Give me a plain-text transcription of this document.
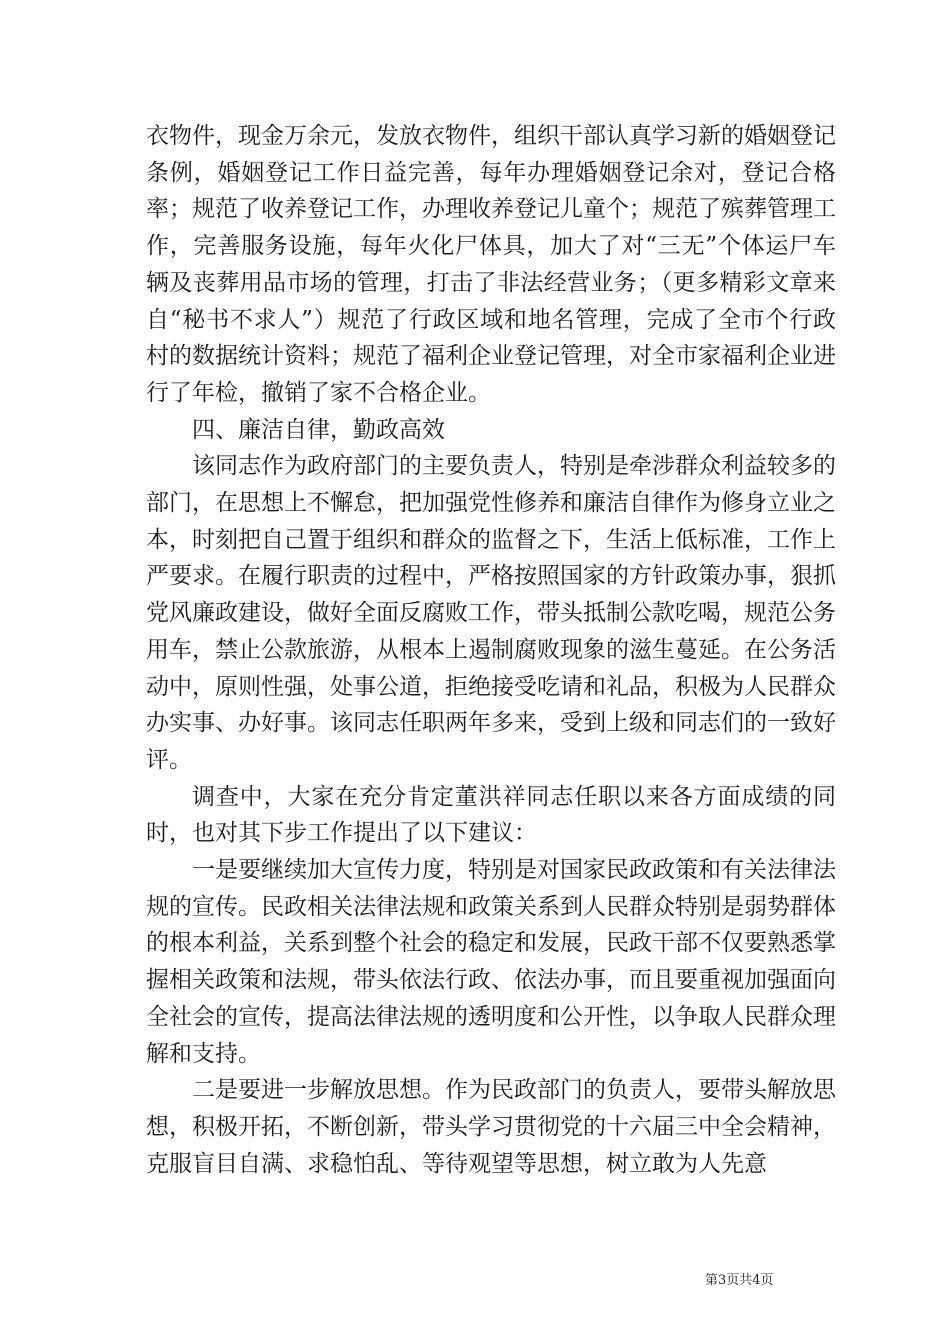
衣物件，现金万余元，发放衣物件，组织干部认真学习新的婚姻登记条例，婚姻登记工作日益完善，每年办理婚姻登记余对，登记合格率；规范了收养登记工作，办理收养登记儿童个；规范了殡葬管理工作，完善服务设施，每年火化尸体具，加大了对“三无”个体运尸车辆及丧葬用品市场的管理，打击了非法经营业务；（更多精彩文章来自“秘书不求人”）规范了行政区域和地名管理，完成了全市个行政村的数据统计资料；规范了福利企业登记管理，对全市家福利企业进行了年检，撤销了家不合格企业。

四、廉洁自律，勤政高效

该同志作为政府部门的主要负责人，特别是牵涉群众利益较多的部门，在思想上不懈怠，把加强党性修养和廉洁自律作为修身立业之本，时刻把自己置于组织和群众的监督之下，生活上低标准，工作上严要求。在履行职责的过程中，严格按照国家的方针政策办事，狠抓党风廉政建设，做好全面反腐败工作，带头抵制公款吃喝，规范公务用车，禁止公款旅游，从根本上遏制腐败现象的滋生蔓延。在公务活动中，原则性强，处事公道，拒绝接受吃请和礼品，积极为人民群众办实事、办好事。该同志任职两年多来，受到上级和同志们的一致好评。

调查中，大家在充分肯定董洪祥同志任职以来各方面成绩的同时，也对其下步工作提出了以下建议：

一是要继续加大宣传力度，特别是对国家民政政策和有关法律法规的宣传。民政相关法律法规和政策关系到人民群众特别是弱势群体的根本利益，关系到整个社会的稳定和发展，民政干部不仅要熟悉掌握相关政策和法规，带头依法行政、依法办事，而且要重视加强面向全社会的宣传，提高法律法规的透明度和公开性，以争取人民群众理解和支持。

二是要进一步解放思想。作为民政部门的负责人，要带头解放思想，积极开拓，不断创新，带头学习贯彻党的十六届三中全会精神，克服盲目自满、求稳怕乱、等待观望等思想，树立敢为人先意

第3页共4页
